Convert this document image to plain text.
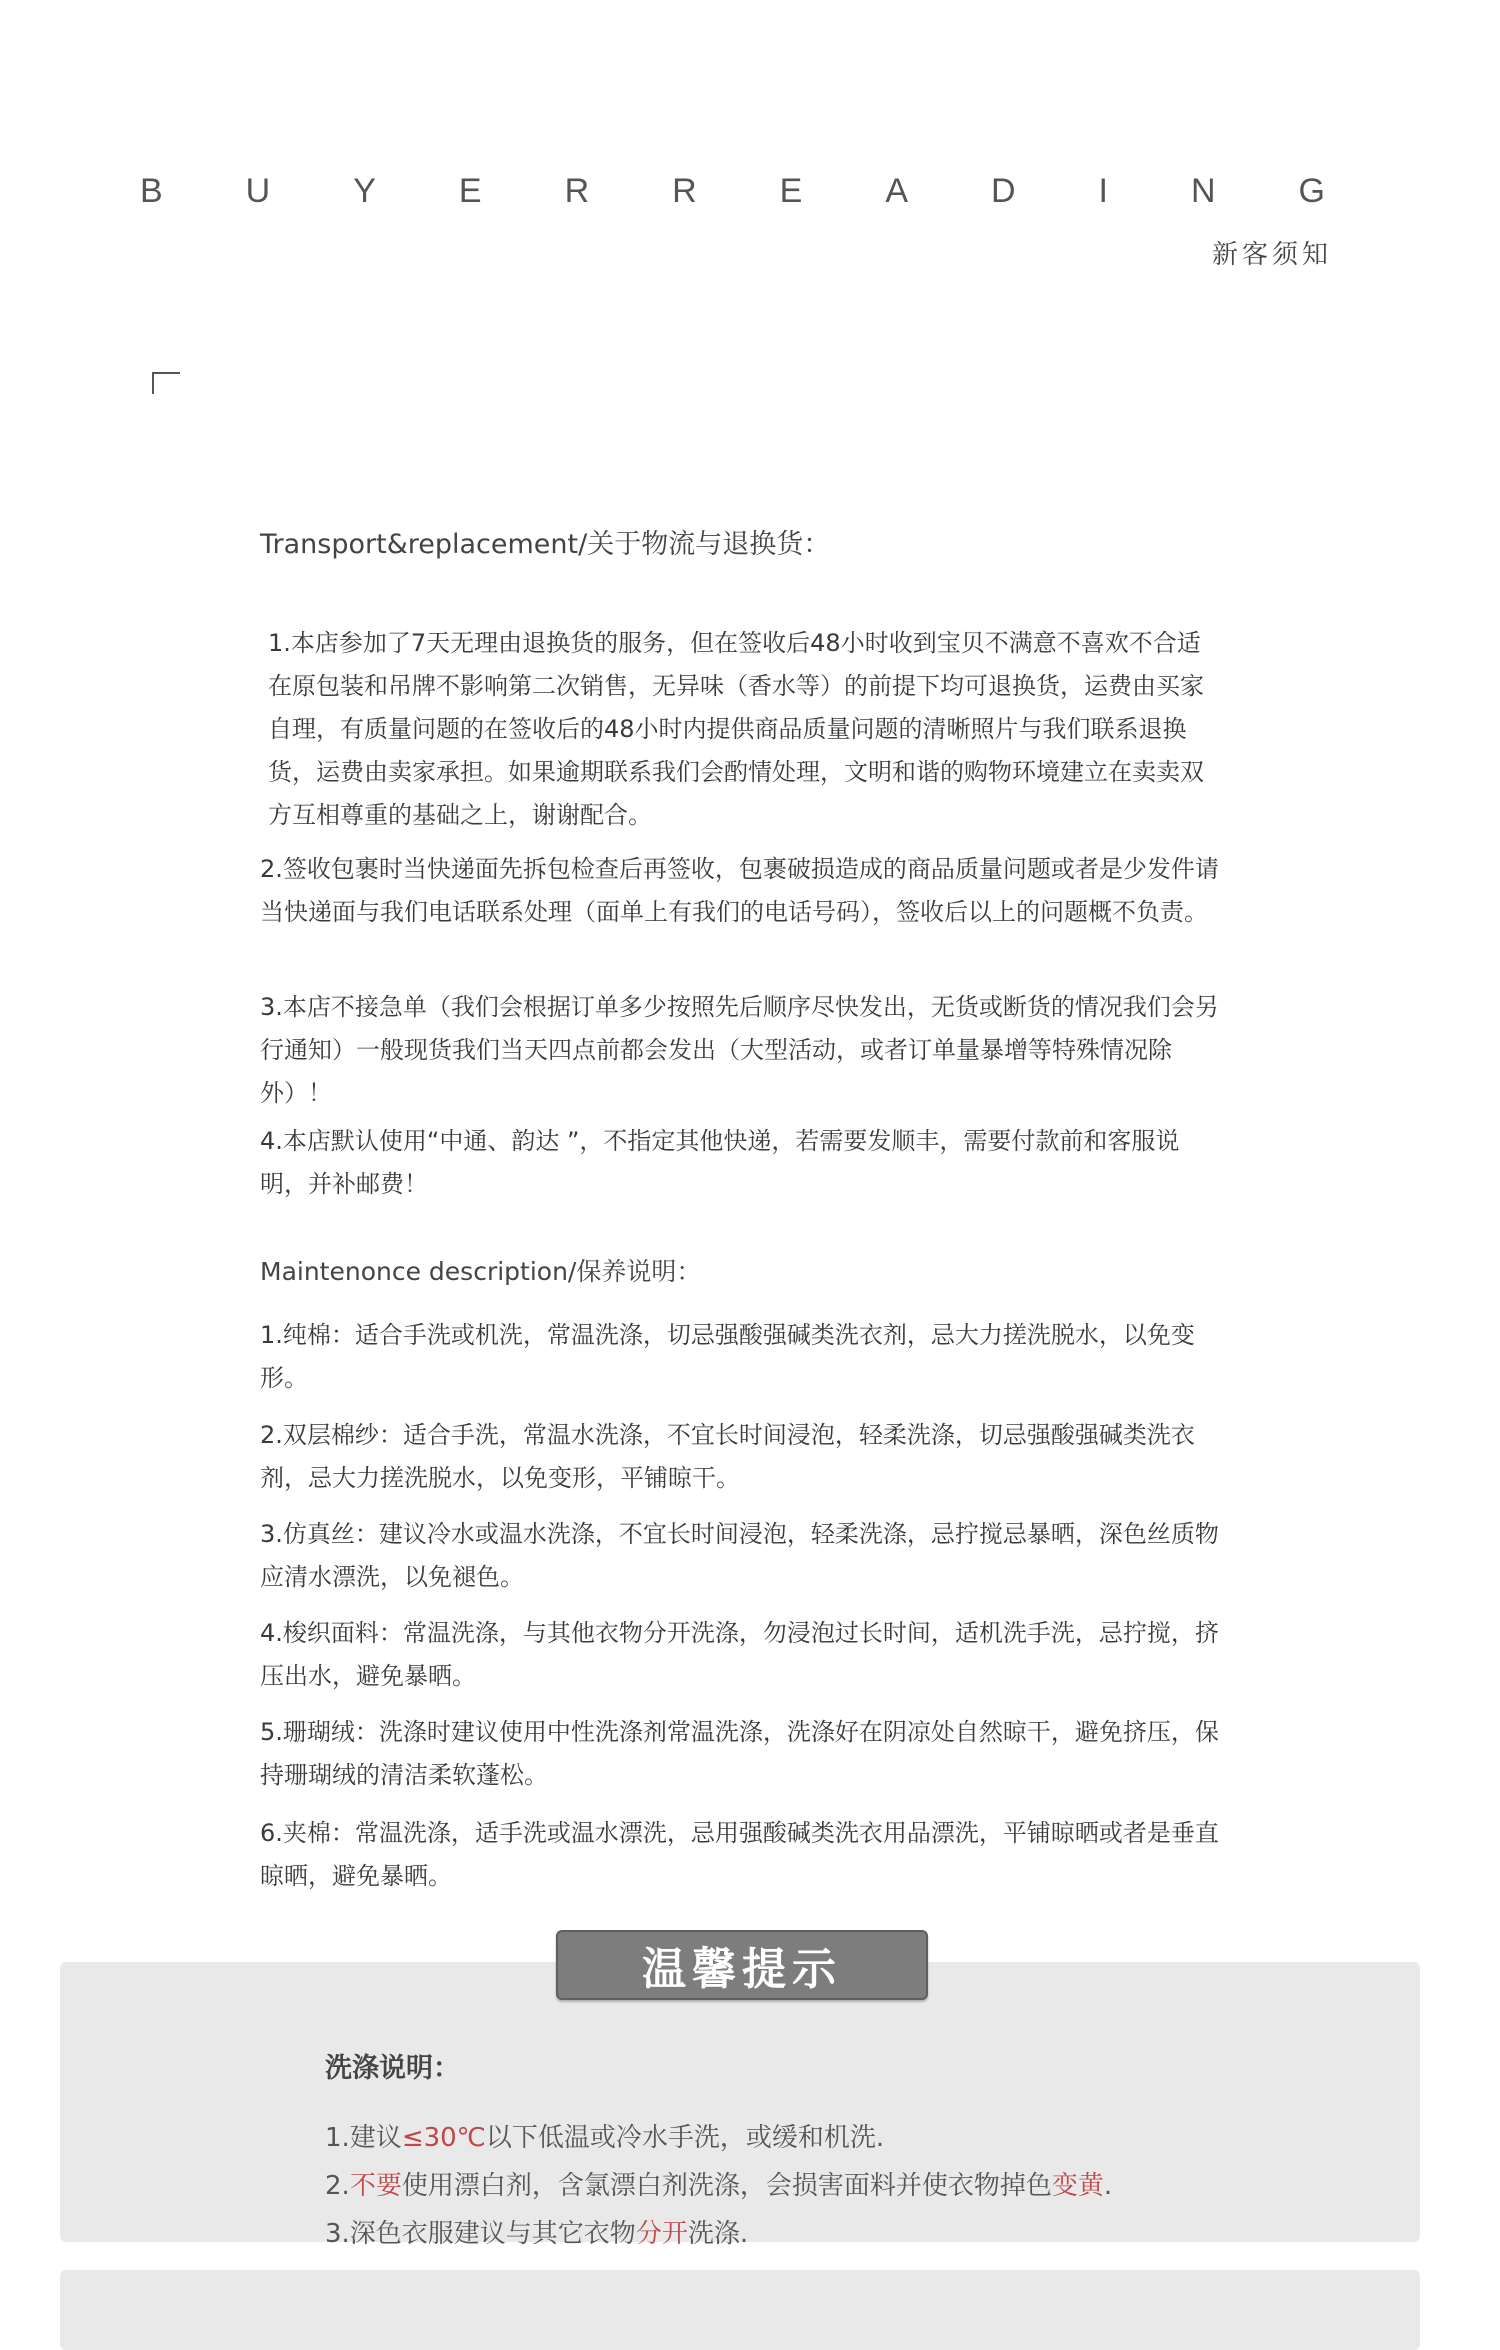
B U Y E R R E A D I N G
新客须知
Transport&replacement/关于物流与退换货：

1.本店参加了7天无理由退换货的服务，但在签收后48小时收到宝贝不满意不喜欢不合适在原包装和吊牌不影响第二次销售，无异味（香水等）的前提下均可退换货，运费由买家自理，有质量问题的在签收后的48小时内提供商品质量问题的清晰照片与我们联系退换货，运费由卖家承担。如果逾期联系我们会酌情处理，文明和谐的购物环境建立在卖卖双方互相尊重的基础之上，谢谢配合。

2.签收包裹时当快递面先拆包检查后再签收，包裹破损造成的商品质量问题或者是少发件请当快递面与我们电话联系处理（面单上有我们的电话号码），签收后以上的问题概不负责。

3.本店不接急单（我们会根据订单多少按照先后顺序尽快发出，无货或断货的情况我们会另行通知）一般现货我们当天四点前都会发出（大型活动，或者订单量暴增等特殊情况除外）！

4.本店默认使用“中通、韵达 ”，不指定其他快递，若需要发顺丰，需要付款前和客服说明，并补邮费！

Maintenonce description/保养说明：

1.纯棉：适合手洗或机洗，常温洗涤，切忌强酸强碱类洗衣剂，忌大力搓洗脱水，以免变形。

2.双层棉纱：适合手洗，常温水洗涤，不宜长时间浸泡，轻柔洗涤，切忌强酸强碱类洗衣剂，忌大力搓洗脱水，以免变形，平铺晾干。

3.仿真丝：建议冷水或温水洗涤，不宜长时间浸泡，轻柔洗涤，忌拧搅忌暴晒，深色丝质物应清水漂洗，以免褪色。

4.梭织面料：常温洗涤，与其他衣物分开洗涤，勿浸泡过长时间，适机洗手洗，忌拧搅，挤压出水，避免暴晒。

5.珊瑚绒：洗涤时建议使用中性洗涤剂常温洗涤，洗涤好在阴凉处自然晾干，避免挤压，保持珊瑚绒的清洁柔软蓬松。

6.夹棉：常温洗涤，适手洗或温水漂洗，忌用强酸碱类洗衣用品漂洗，平铺晾晒或者是垂直晾晒，避免暴晒。

温馨提示
洗涤说明：
1.建议≤30℃以下低温或冷水手洗，或缓和机洗.
2.不要使用漂白剂，含氯漂白剂洗涤，会损害面料并使衣物掉色变黄.
3.深色衣服建议与其它衣物分开洗涤.
